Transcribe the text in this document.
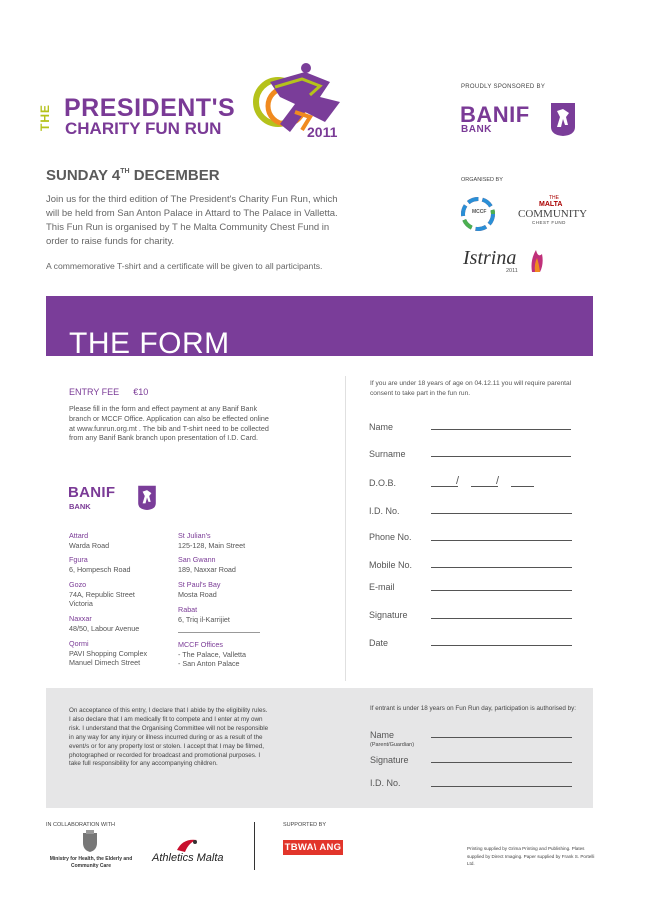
THE PRESIDENT'S
CHARITY FUN RUN	2011
PROUDLY SPONSORED BY
BANIF
BANK
ORGANISED BY
MCCF
THE
MALTA
COMMUNITY
CHEST FUND
Istrina
2011
SUNDAY 4TH DECEMBER
Join us for the third edition of The President's Charity Fun Run, which will be held from San Anton Palace in Attard to The Palace in Valletta. This Fun Run is organised by T he Malta Community Chest Fund in order to raise funds for charity.
A commemorative T-shirt and a certificate will be given to all participants.
THE FORM
ENTRY FEE €10
Please fill in the form and effect payment at any Banif Bank branch or MCCF Office. Application can also be effected online at www.funrun.org.mt . The bib and T-shirt need to be collected from any Banif Bank branch upon presentation of I.D. Card.
BANIF
BANK
Attard
Warda Road
Fgura
6, Hompesch Road
Gozo
74A, Republic Street
Victoria
Naxxar
48/50, Labour Avenue
Qormi
PAVI Shopping Complex
Manuel Dimech Street
St Julian's
125-128, Main Street
San Gwann
189, Naxxar Road
St Paul's Bay
Mosta Road
Rabat
6, Triq il-Karrijiet
MCCF Offices
- The Palace, Valletta
- San Anton Palace
If you are under 18 years of age on 04.12.11 you will require parental consent to take part in the fun run.
Name
Surname
D.O.B.	/	/
I.D. No.
Phone No.
Mobile No.
E-mail
Signature
Date
On acceptance of this entry, I declare that I abide by the eligibility rules. I also declare that I am medically fit to compete and I enter at my own risk. I understand that the Organising Committee will not be responsible in any way for any injury or illness incurred during or as a result of the event/s or for any property lost or stolen. I accept that I may be filmed, photographed or recorded for broadcast and promotional purposes. I take full responsibility for any accompanying children.
If entrant is under 18 years on Fun Run day, participation is authorised by:
Name
(Parent/Guardian)
Signature
I.D. No.
IN COLLABORATION WITH
Ministry for Health, the Elderly and Community Care
Athletics Malta
SUPPORTED BY
TBWA\ ANG	Printing supplied by Grima Printing and Publishing. Plates supplied by Direct Imaging. Paper supplied by Frank S. Portelli Ltd.
